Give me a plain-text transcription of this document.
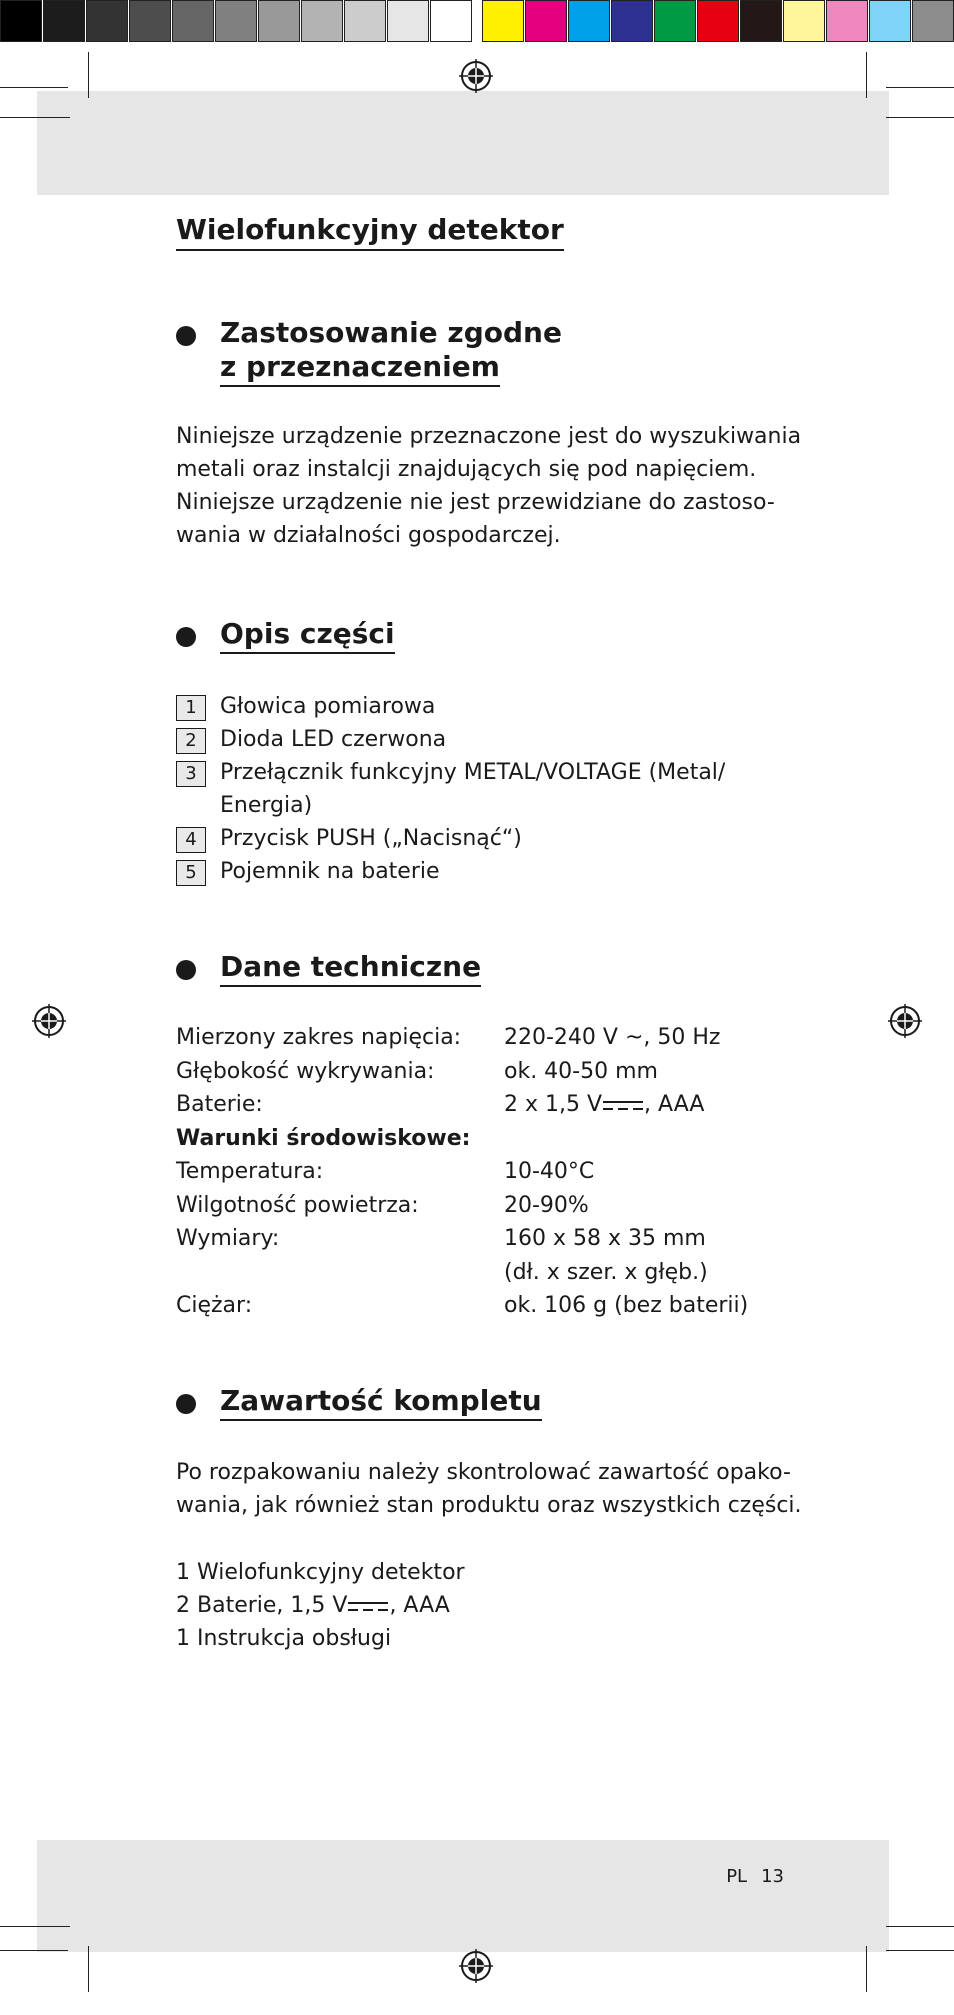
Wielofunkcyjny detektor
Zastosowanie zgodne
z przeznaczeniem
Niniejsze urządzenie przeznaczone jest do wyszukiwania
metali oraz instalcji znajdujących się pod napięciem.
Niniejsze urządzenie nie jest przewidziane do zastoso-
wania w działalności gospodarczej.
Opis części
1	Głowica pomiarowa
2	Dioda LED czerwona
3	Przełącznik funkcyjny METAL/VOLTAGE (Metal/
Energia)
4	Przycisk PUSH („Nacisnąć“)
5	Pojemnik na baterie
Dane techniczne
Mierzony zakres napięcia: 220-240 V ~, 50 Hz
Głębokość wykrywania:	ok. 40-50 mm
Baterie:	2 x 1,5 V , AAA
Warunki środowiskowe:
Temperatura:	10-40°C
Wilgotność powietrza:	20-90%
Wymiary:	160 x 58 x 35 mm
(dł. x szer. x głęb.)
Ciężar:	ok. 106 g (bez baterii)
Zawartość kompletu
Po rozpakowaniu należy skontrolować zawartość opako-
wania, jak również stan produktu oraz wszystkich części.
1 Wielofunkcyjny detektor
2 Baterie, 1,5 V , AAA
1 Instrukcja obsługi
PL 13
